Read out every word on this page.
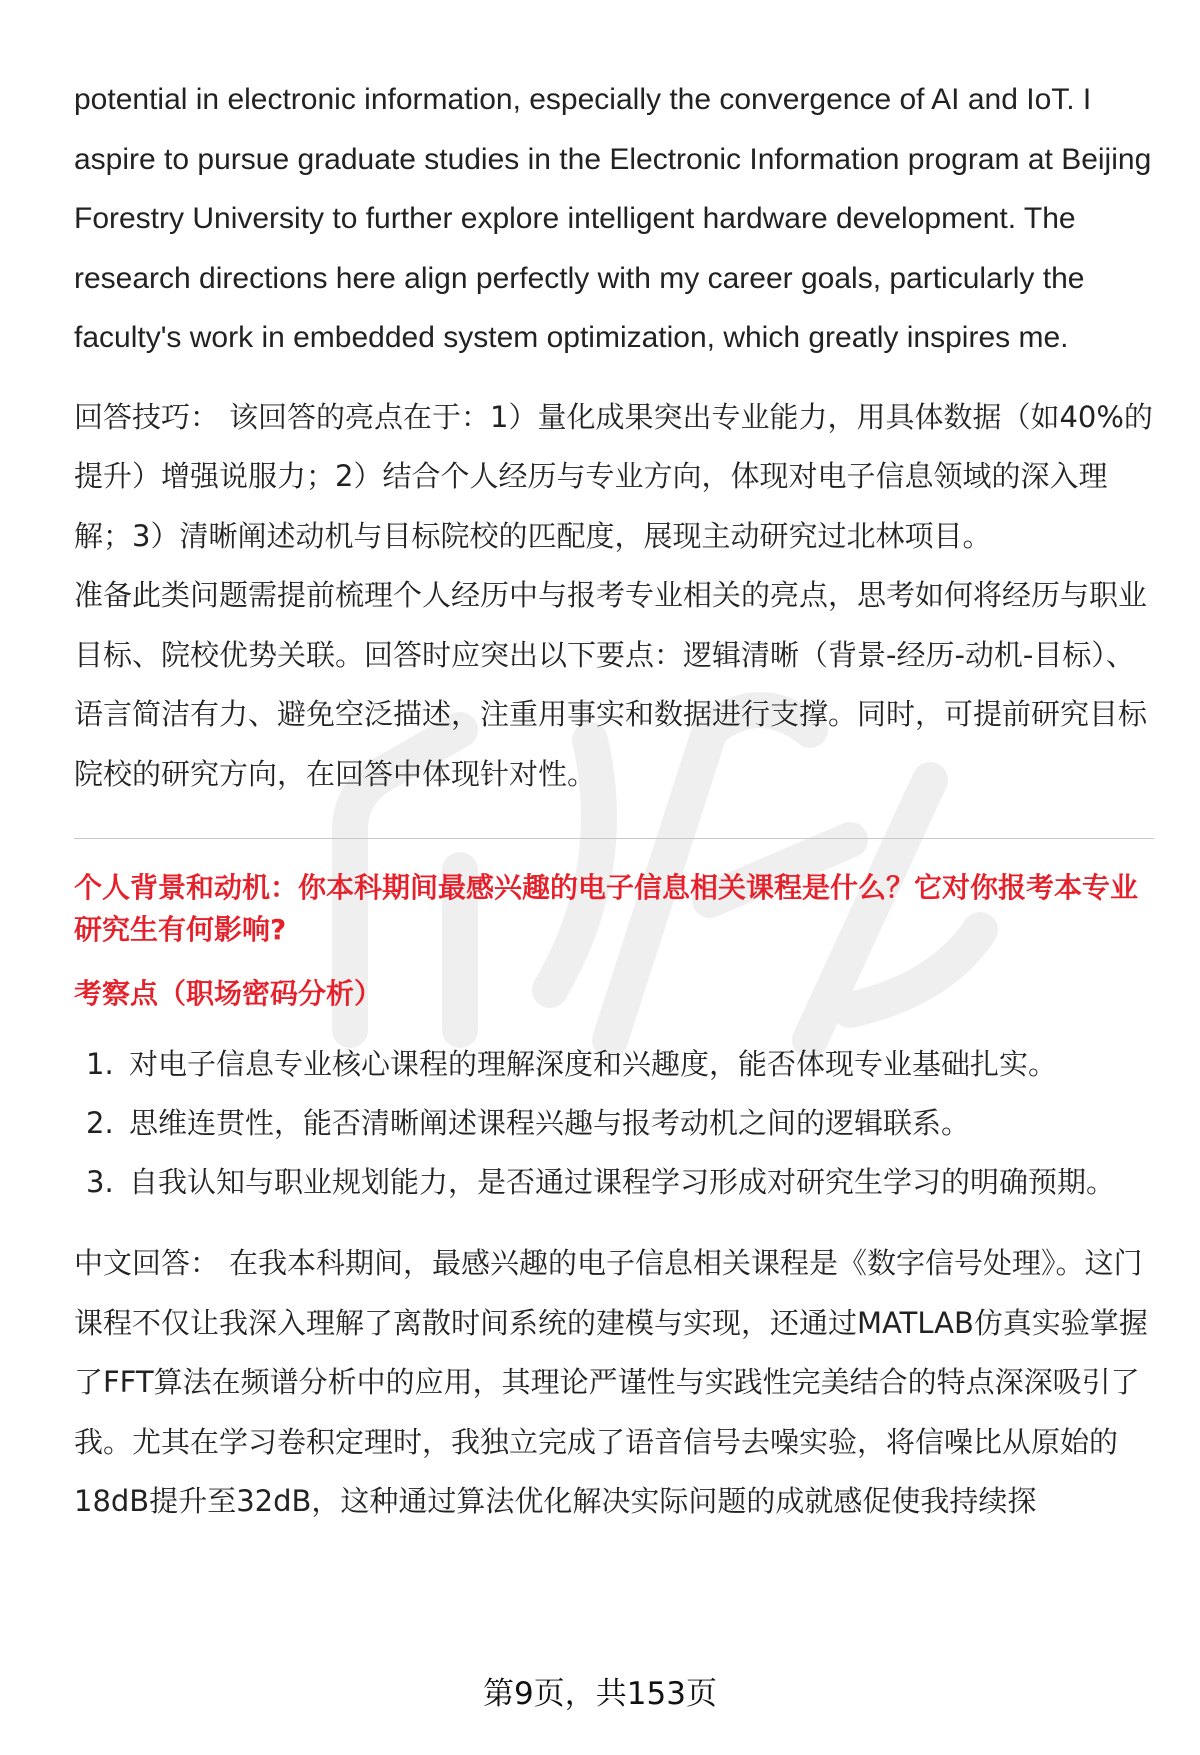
potential in electronic information, especially the convergence of AI and IoT. I aspire to pursue graduate studies in the Electronic Information program at Beijing Forestry University to further explore intelligent hardware development. The research directions here align perfectly with my career goals, particularly the faculty's work in embedded system optimization, which greatly inspires me.

回答技巧： 该回答的亮点在于：1）量化成果突出专业能力，用具体数据（如40%的提升）增强说服力；2）结合个人经历与专业方向，体现对电子信息领域的深入理解；3）清晰阐述动机与目标院校的匹配度，展现主动研究过北林项目。

准备此类问题需提前梳理个人经历中与报考专业相关的亮点，思考如何将经历与职业目标、院校优势关联。回答时应突出以下要点：逻辑清晰（背景-经历-动机-目标）、语言简洁有力、避免空泛描述，注重用事实和数据进行支撑。同时，可提前研究目标院校的研究方向，在回答中体现针对性。

个人背景和动机：你本科期间最感兴趣的电子信息相关课程是什么？它对你报考本专业研究生有何影响?

考察点（职场密码分析）

1. 对电子信息专业核心课程的理解深度和兴趣度，能否体现专业基础扎实。
2. 思维连贯性，能否清晰阐述课程兴趣与报考动机之间的逻辑联系。
3. 自我认知与职业规划能力，是否通过课程学习形成对研究生学习的明确预期。

中文回答： 在我本科期间，最感兴趣的电子信息相关课程是《数字信号处理》。这门课程不仅让我深入理解了离散时间系统的建模与实现，还通过MATLAB仿真实验掌握了FFT算法在频谱分析中的应用，其理论严谨性与实践性完美结合的特点深深吸引了我。尤其在学习卷积定理时，我独立完成了语音信号去噪实验，将信噪比从原始的18dB提升至32dB，这种通过算法优化解决实际问题的成就感促使我持续探

第9页，共153页
